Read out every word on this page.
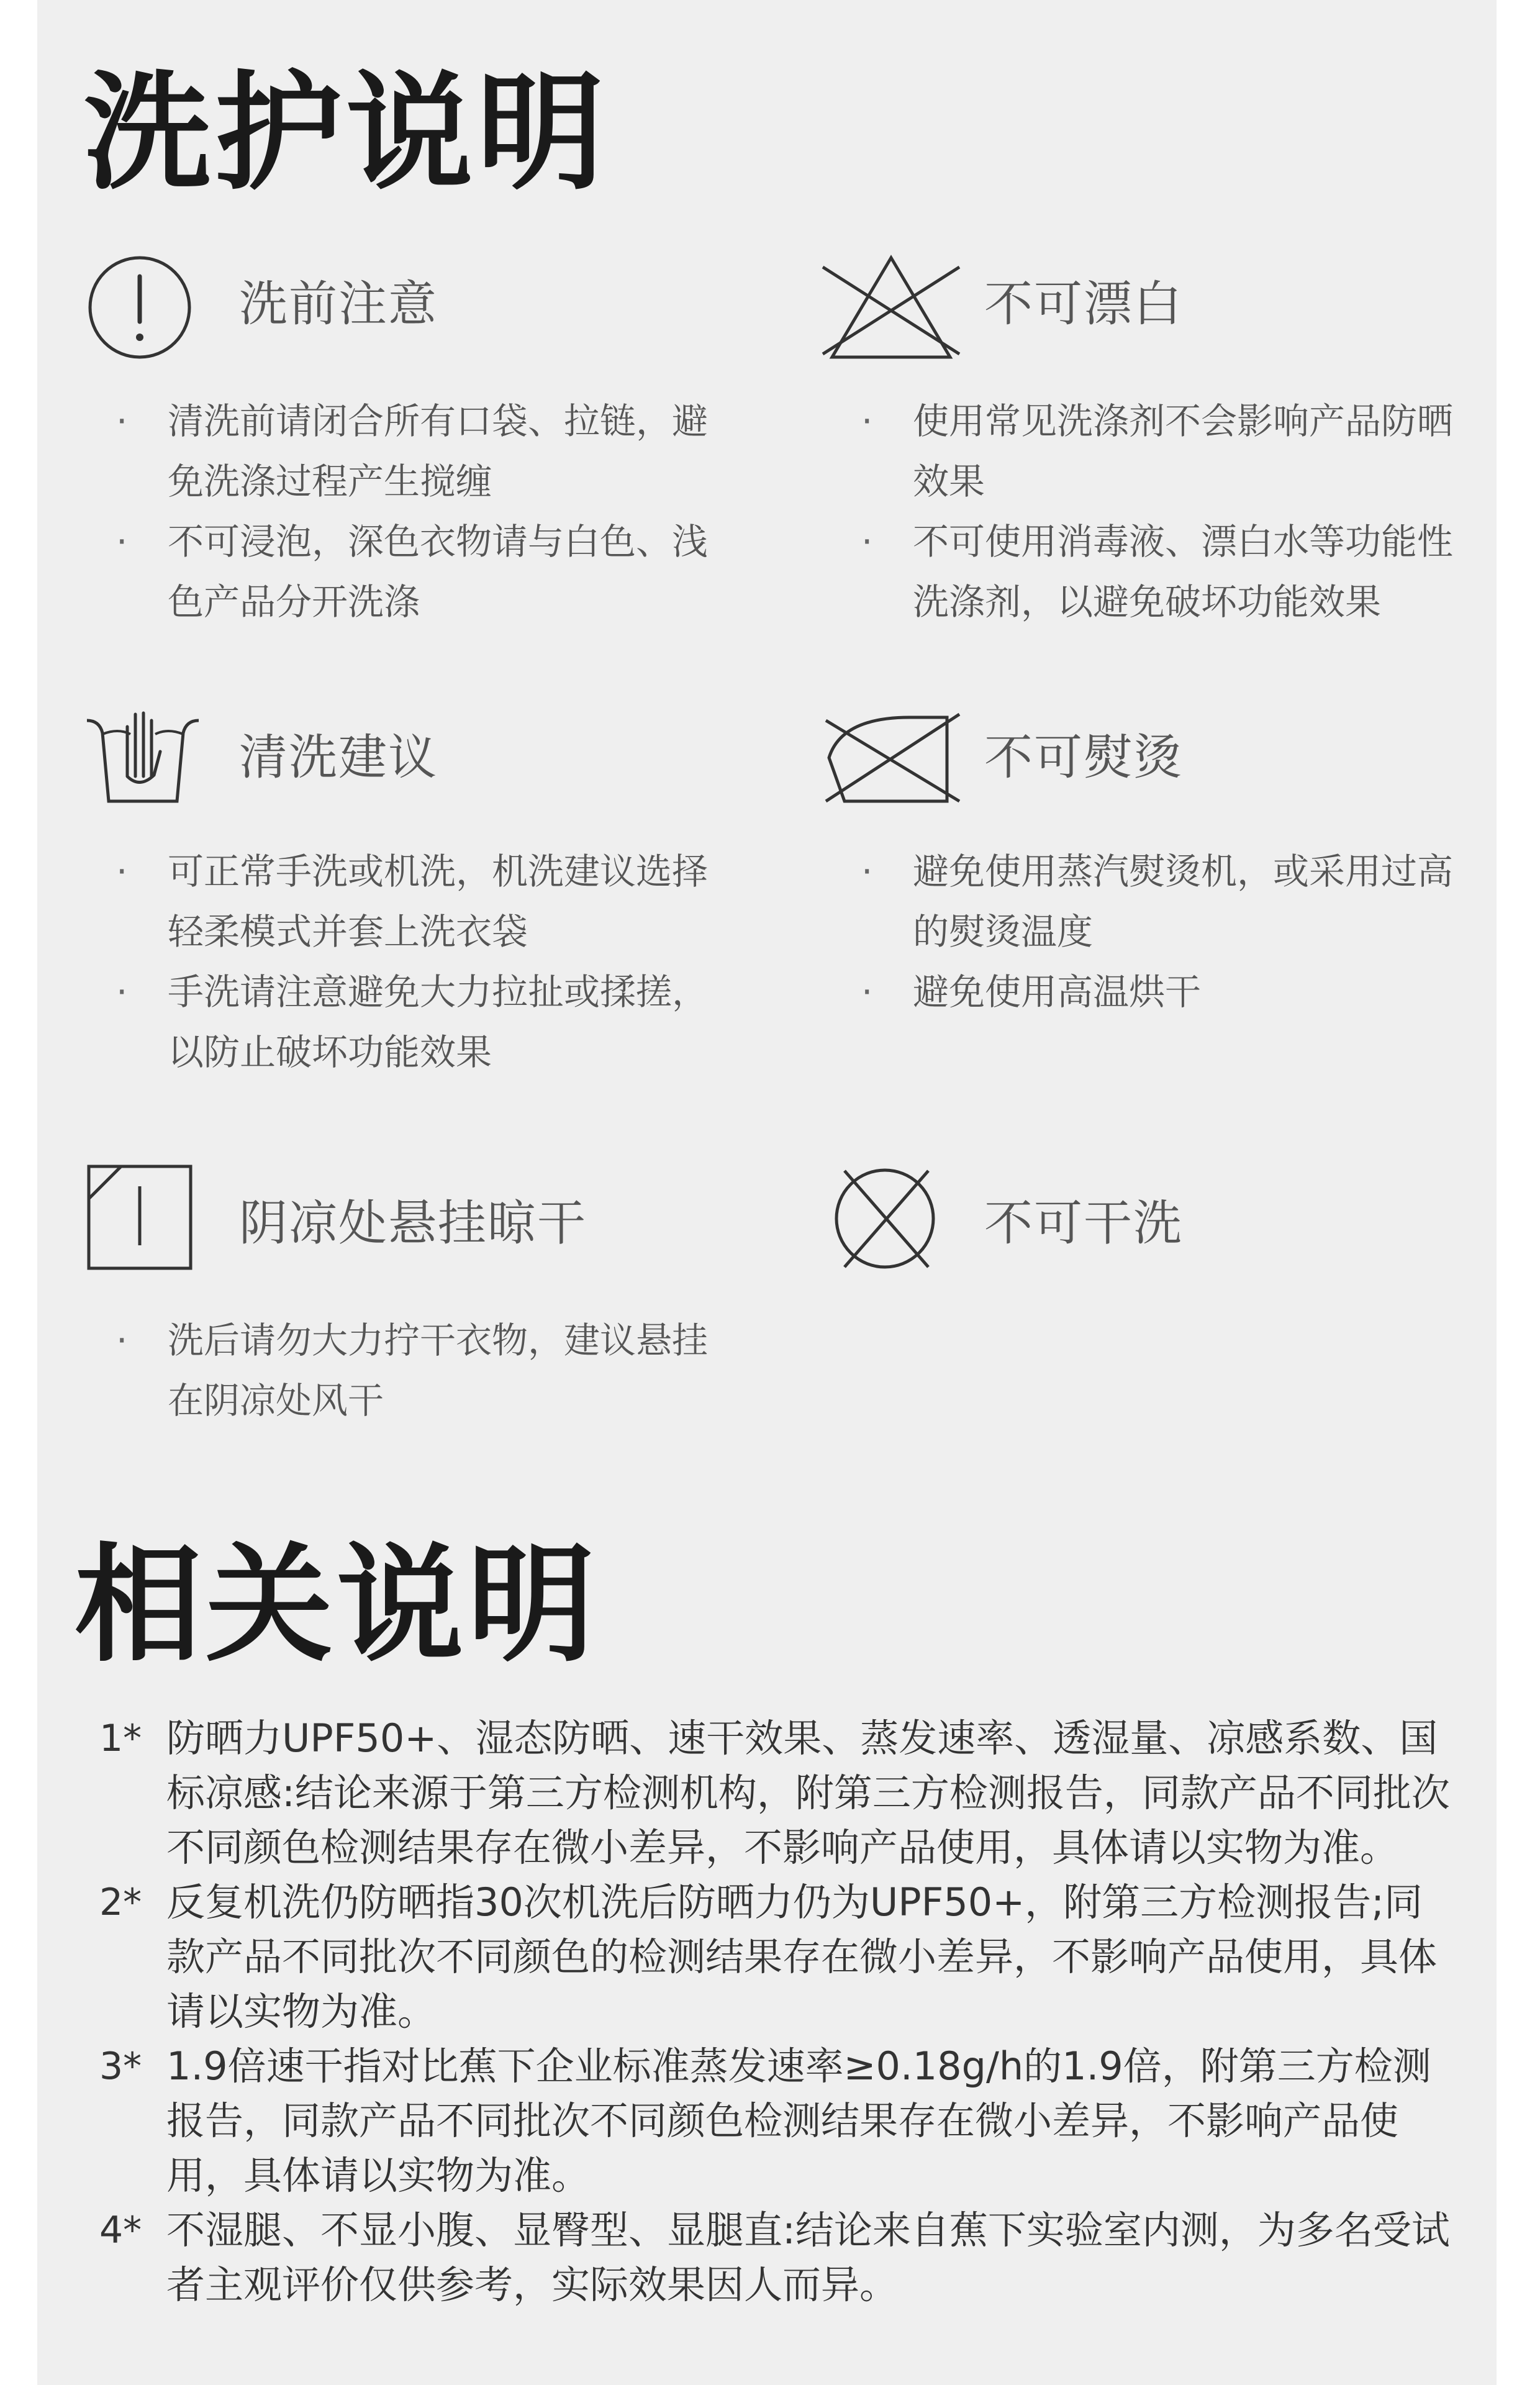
洗护说明
洗前注意
· 清洗前请闭合所有口袋、拉链，避免洗涤过程产生搅缠
· 不可浸泡，深色衣物请与白色、浅色产品分开洗涤
不可漂白
· 使用常见洗涤剂不会影响产品防晒效果
· 不可使用消毒液、漂白水等功能性洗涤剂，以避免破坏功能效果
清洗建议
· 可正常手洗或机洗，机洗建议选择轻柔模式并套上洗衣袋
· 手洗请注意避免大力拉扯或揉搓，以防止破坏功能效果
不可熨烫
· 避免使用蒸汽熨烫机，或采用过高的熨烫温度
· 避免使用高温烘干
阴凉处悬挂晾干
· 洗后请勿大力拧干衣物，建议悬挂在阴凉处风干
不可干洗
相关说明
1* 防晒力UPF50+、湿态防晒、速干效果、蒸发速率、透湿量、凉感系数、国标凉感:结论来源于第三方检测机构，附第三方检测报告，同款产品不同批次不同颜色检测结果存在微小差异，不影响产品使用，具体请以实物为准。
2* 反复机洗仍防晒指30次机洗后防晒力仍为UPF50+，附第三方检测报告;同款产品不同批次不同颜色的检测结果存在微小差异，不影响产品使用，具体请以实物为准。
3* 1.9倍速干指对比蕉下企业标准蒸发速率≥0.18g/h的1.9倍，附第三方检测报告，同款产品不同批次不同颜色检测结果存在微小差异，不影响产品使用，具体请以实物为准。
4* 不湿腿、不显小腹、显臀型、显腿直:结论来自蕉下实验室内测，为多名受试者主观评价仅供参考，实际效果因人而异。
